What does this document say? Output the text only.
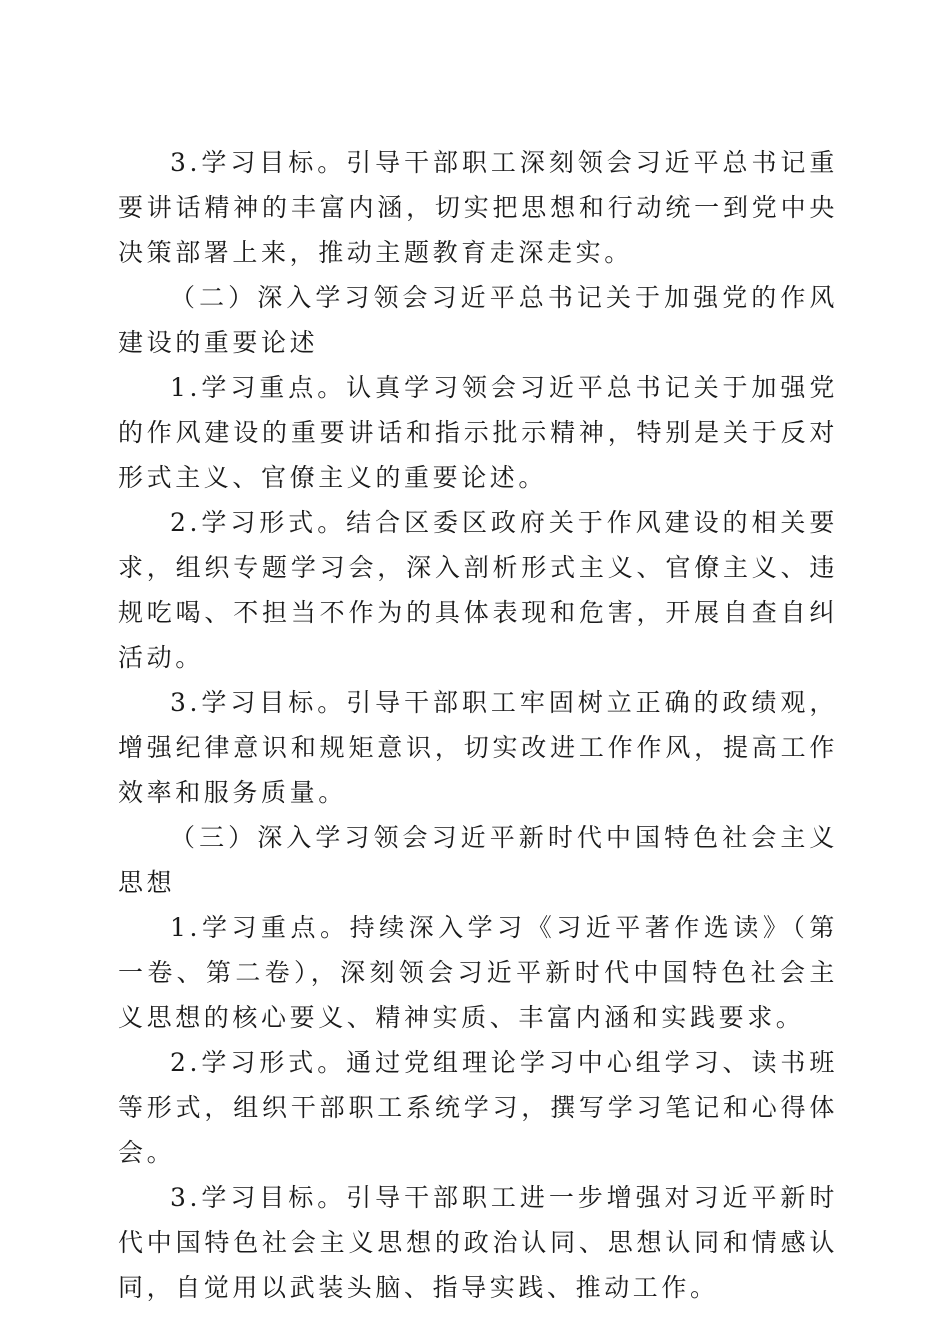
3.学习目标。引导干部职工深刻领会习近平总书记重要讲话精神的丰富内涵，切实把思想和行动统一到党中央决策部署上来，推动主题教育走深走实。

（二）深入学习领会习近平总书记关于加强党的作风建设的重要论述

1.学习重点。认真学习领会习近平总书记关于加强党的作风建设的重要讲话和指示批示精神，特别是关于反对形式主义、官僚主义的重要论述。

2.学习形式。结合区委区政府关于作风建设的相关要求，组织专题学习会，深入剖析形式主义、官僚主义、违规吃喝、不担当不作为的具体表现和危害，开展自查自纠活动。

3.学习目标。引导干部职工牢固树立正确的政绩观，增强纪律意识和规矩意识，切实改进工作作风，提高工作效率和服务质量。

（三）深入学习领会习近平新时代中国特色社会主义思想

1.学习重点。持续深入学习《习近平著作选读》（第一卷、第二卷），深刻领会习近平新时代中国特色社会主义思想的核心要义、精神实质、丰富内涵和实践要求。

2.学习形式。通过党组理论学习中心组学习、读书班等形式，组织干部职工系统学习，撰写学习笔记和心得体会。

3.学习目标。引导干部职工进一步增强对习近平新时代中国特色社会主义思想的政治认同、思想认同和情感认同，自觉用以武装头脑、指导实践、推动工作。
